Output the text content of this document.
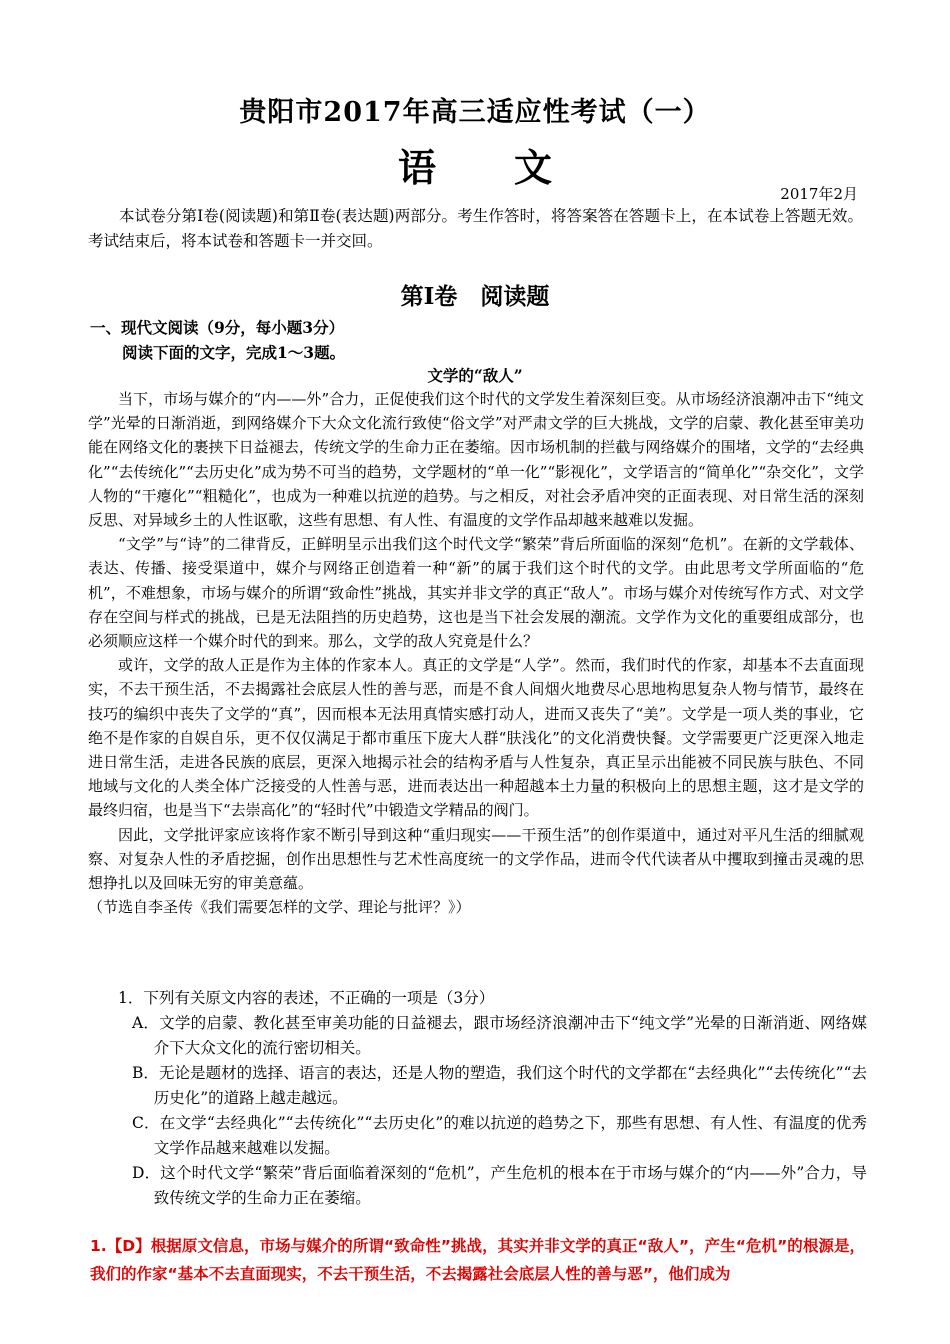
贵阳市2017年高三适应性考试（一）
语 文
2017年2月
本试卷分第Ⅰ卷(阅读题)和第Ⅱ卷(表达题)两部分。考生作答时，将答案答在答题卡上，在本试卷上答题无效。考试结束后，将本试卷和答题卡一并交回。
第Ⅰ卷　阅读题
一、现代文阅读（9分，每小题3分）
阅读下面的文字，完成1～3题。
文学的“敌人”

当下，市场与媒介的“内——外”合力，正促使我们这个时代的文学发生着深刻巨变。从市场经济浪潮冲击下“纯文学”光晕的日渐消逝，到网络媒介下大众文化流行致使“俗文学”对严肃文学的巨大挑战，文学的启蒙、教化甚至审美功能在网络文化的裹挟下日益褪去，传统文学的生命力正在萎缩。因市场机制的拦截与网络媒介的围堵，文学的“去经典化”“去传统化”“去历史化”成为势不可当的趋势，文学题材的“单一化”“影视化”，文学语言的“简单化”“杂交化”，文学人物的“干瘪化”“粗糙化”，也成为一种难以抗逆的趋势。与之相反，对社会矛盾冲突的正面表现、对日常生活的深刻反思、对异域乡土的人性讴歌，这些有思想、有人性、有温度的文学作品却越来越难以发掘。

“文学”与“诗”的二律背反，正鲜明呈示出我们这个时代文学“繁荣”背后所面临的深刻“危机”。在新的文学载体、表达、传播、接受渠道中，媒介与网络正创造着一种“新”的属于我们这个时代的文学。由此思考文学所面临的“危机”，不难想象，市场与媒介的所谓“致命性”挑战，其实并非文学的真正“敌人”。市场与媒介对传统写作方式、对文学存在空间与样式的挑战，已是无法阻挡的历史趋势，这也是当下社会发展的潮流。文学作为文化的重要组成部分，也必须顺应这样一个媒介时代的到来。那么，文学的敌人究竟是什么？

或许，文学的敌人正是作为主体的作家本人。真正的文学是“人学”。然而，我们时代的作家，却基本不去直面现实，不去干预生活，不去揭露社会底层人性的善与恶，而是不食人间烟火地费尽心思地构思复杂人物与情节，最终在技巧的编织中丧失了文学的“真”，因而根本无法用真情实感打动人，进而又丧失了“美”。文学是一项人类的事业，它绝不是作家的自娱自乐，更不仅仅满足于都市重压下庞大人群“肤浅化”的文化消费快餐。文学需要更广泛更深入地走进日常生活，走进各民族的底层，更深入地揭示社会的结构矛盾与人性复杂，真正呈示出能被不同民族与肤色、不同地域与文化的人类全体广泛接受的人性善与恶，进而表达出一种超越本土力量的积极向上的思想主题，这才是文学的最终归宿，也是当下“去崇高化”的“轻时代”中锻造文学精品的阀门。

因此，文学批评家应该将作家不断引导到这种“重归现实——干预生活”的创作渠道中，通过对平凡生活的细腻观察、对复杂人性的矛盾挖掘，创作出思想性与艺术性高度统一的文学作品，进而令代代读者从中攫取到撞击灵魂的思想挣扎以及回味无穷的审美意蕴。

（节选自李圣传《我们需要怎样的文学、理论与批评？》）

1．下列有关原文内容的表述，不正确的一项是（3分）
A．文学的启蒙、教化甚至审美功能的日益褪去，跟市场经济浪潮冲击下“纯文学”光晕的日渐消逝、网络媒介下大众文化的流行密切相关。
B．无论是题材的选择、语言的表达，还是人物的塑造，我们这个时代的文学都在“去经典化”“去传统化”“去历史化”的道路上越走越远。
C．在文学“去经典化”“去传统化”“去历史化”的难以抗逆的趋势之下，那些有思想、有人性、有温度的优秀文学作品越来越难以发掘。
D．这个时代文学“繁荣”背后面临着深刻的“危机”，产生危机的根本在于市场与媒介的“内——外”合力，导致传统文学的生命力正在萎缩。
1.【D】根据原文信息，市场与媒介的所谓“致命性”挑战，其实并非文学的真正“敌人”，产生“危机”的根源是，我们的作家“基本不去直面现实，不去干预生活，不去揭露社会底层人性的善与恶”，他们成为
